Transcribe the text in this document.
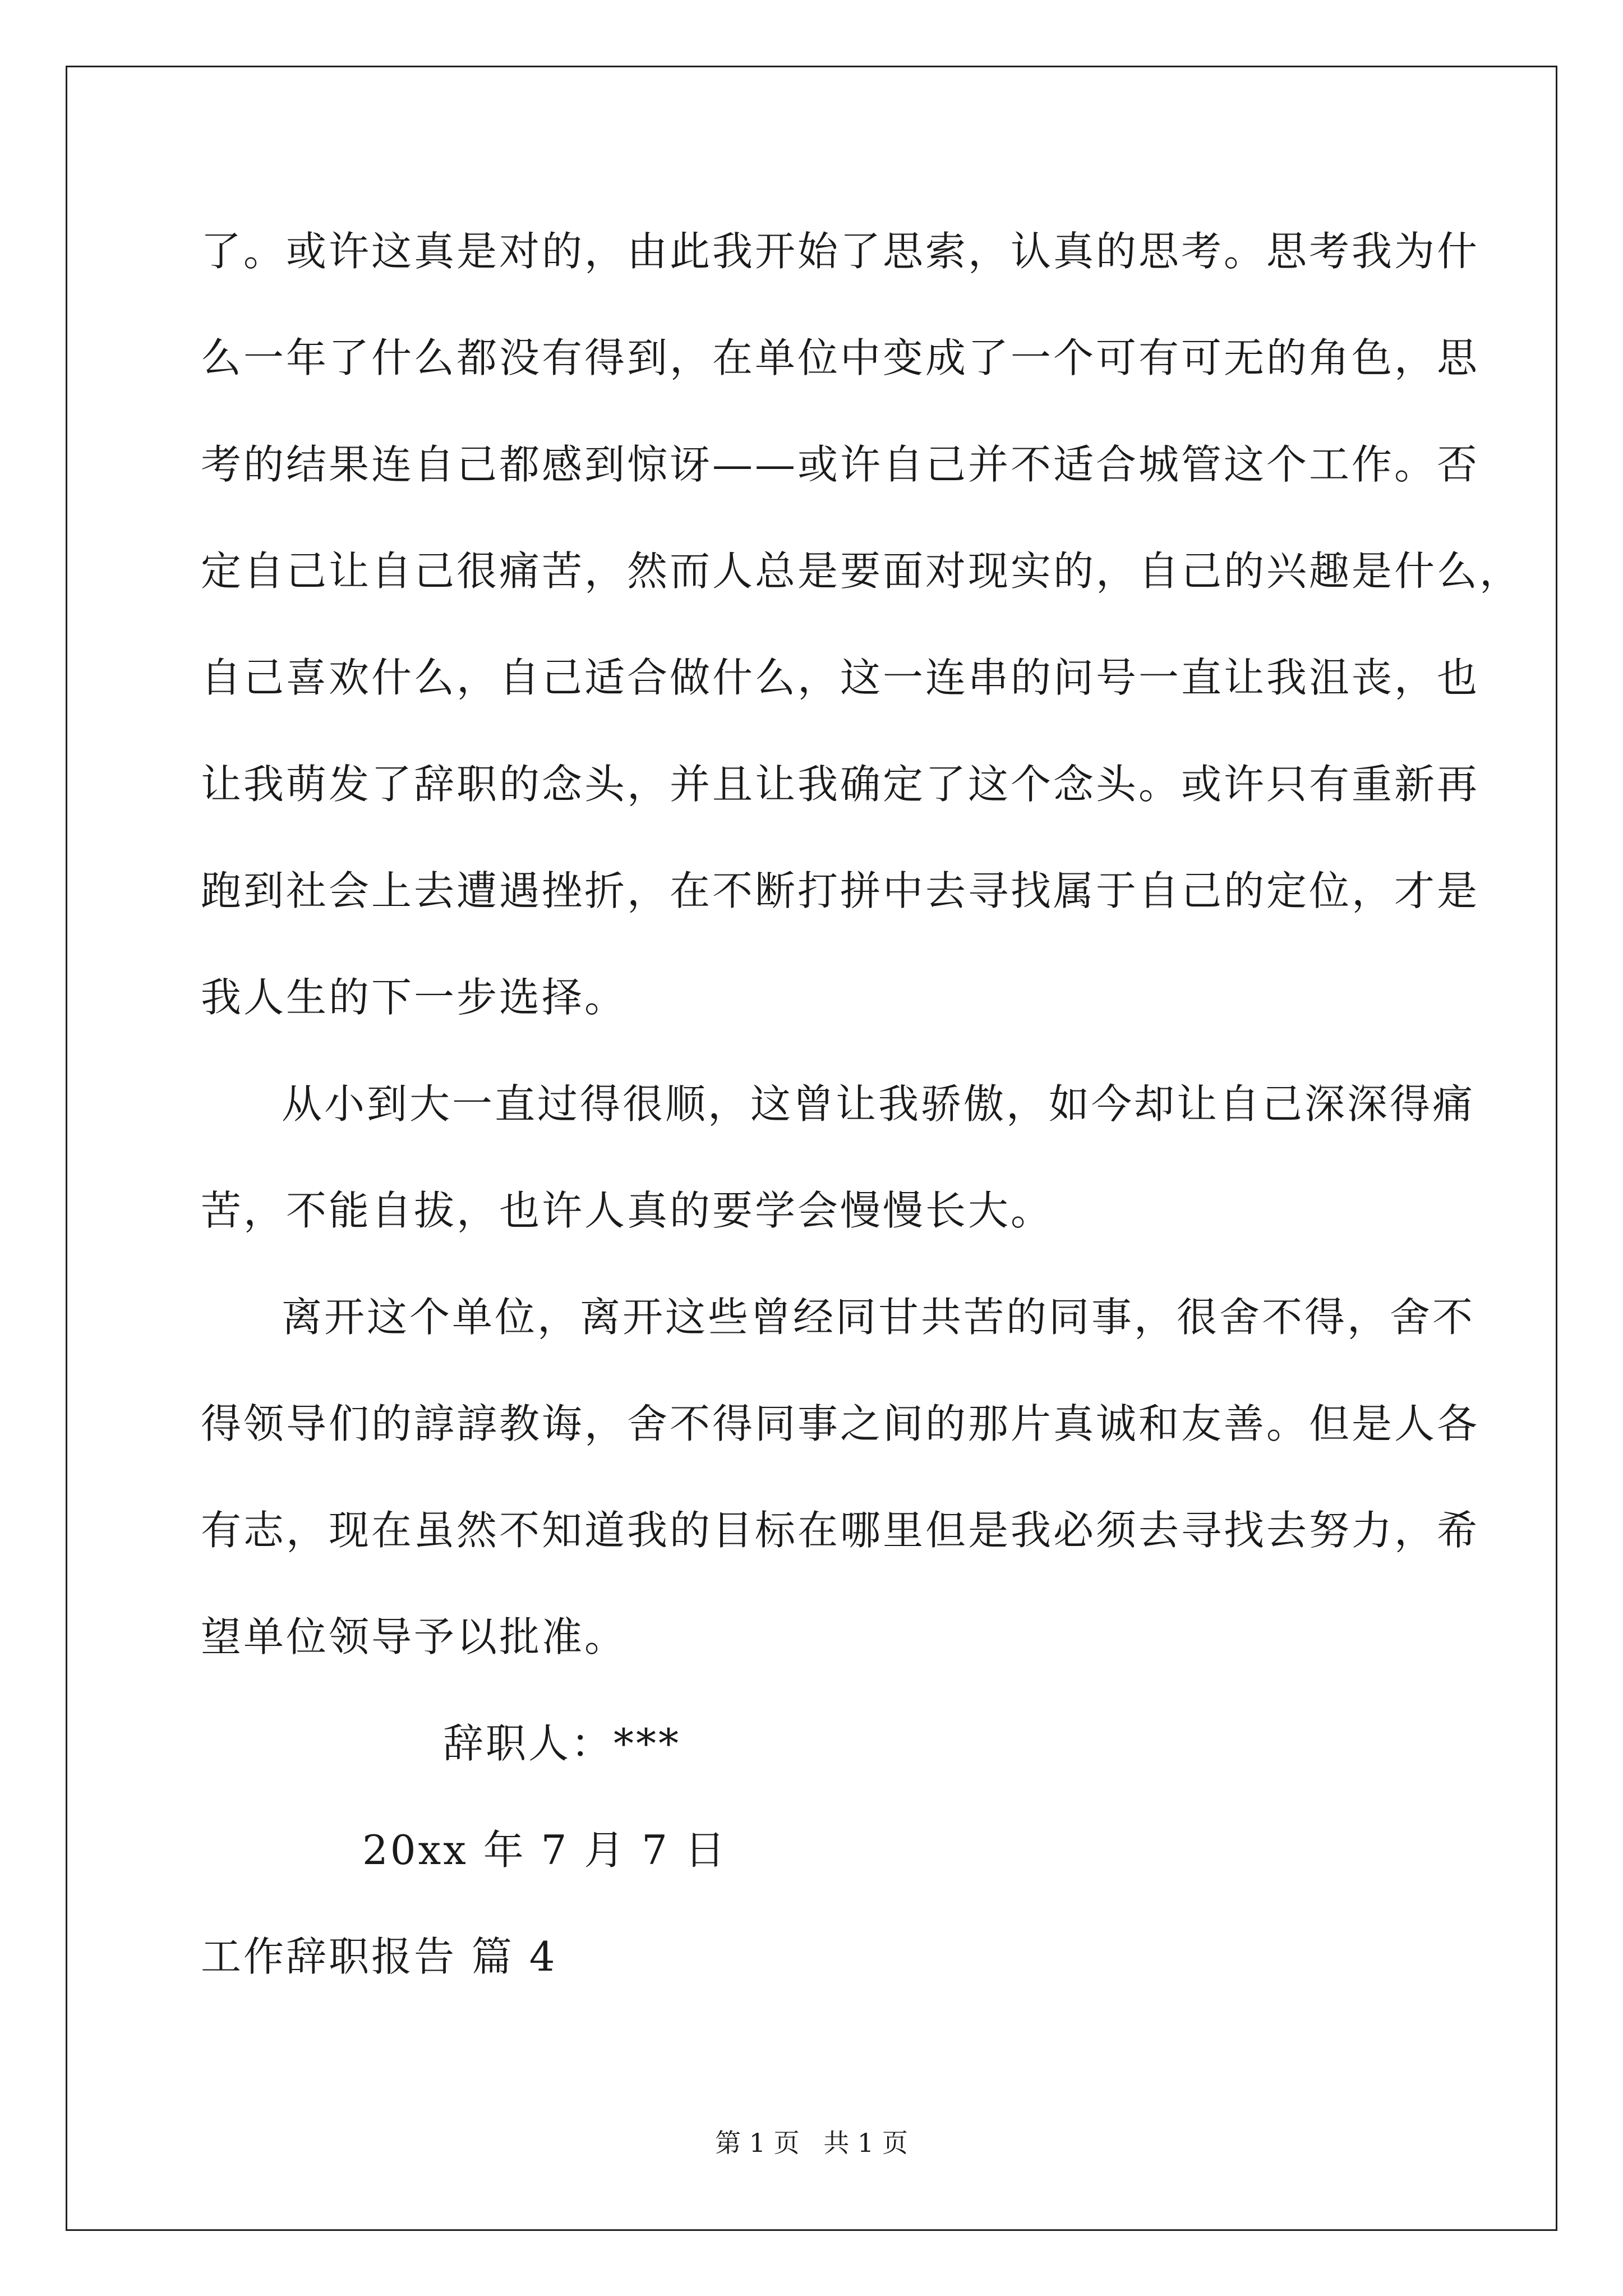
了。或许这真是对的，由此我开始了思索，认真的思考。思考我为什
么一年了什么都没有得到，在单位中变成了一个可有可无的角色，思
考的结果连自己都感到惊讶——或许自己并不适合城管这个工作。否
定自己让自己很痛苦，然而人总是要面对现实的，自己的兴趣是什么，
自己喜欢什么，自己适合做什么，这一连串的问号一直让我沮丧，也
让我萌发了辞职的念头，并且让我确定了这个念头。或许只有重新再
跑到社会上去遭遇挫折，在不断打拼中去寻找属于自己的定位，才是
我人生的下一步选择。
从小到大一直过得很顺，这曾让我骄傲，如今却让自己深深得痛
苦，不能自拔，也许人真的要学会慢慢长大。
离开这个单位，离开这些曾经同甘共苦的同事，很舍不得，舍不
得领导们的諄諄教诲，舍不得同事之间的那片真诚和友善。但是人各
有志，现在虽然不知道我的目标在哪里但是我必须去寻找去努力，希
望单位领导予以批准。
辞职人：***
20xx 年 7 月 7 日
工作辞职报告 篇 4
第 1 页 共 1 页
